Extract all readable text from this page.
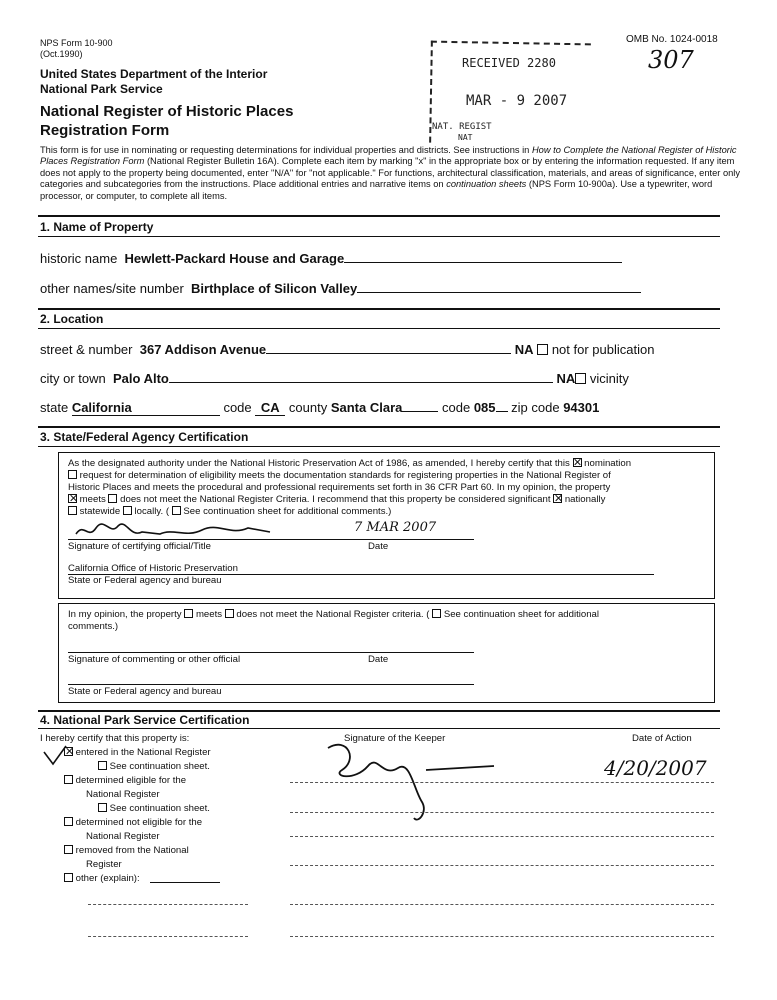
NPS Form 10-900
(Oct.1990)
United States Department of the Interior
National Park Service
National Register of Historic Places
Registration Form
OMB No. 1024-0018
307
RECEIVED 2280
MAR - 9 2007
NAT. REGIST
NAT
This form is for use in nominating or requesting determinations for individual properties and districts. See instructions in How to Complete the National Register of Historic Places Registration Form (National Register Bulletin 16A). Complete each item by marking "x" in the appropriate box or by entering the information requested. If any item does not apply to the property being documented, enter "N/A" for "not applicable." For functions, architectural classification, materials, and areas of significance, enter only categories and subcategories from the instructions. Place additional entries and narrative items on continuation sheets (NPS Form 10-900a). Use a typewriter, word processor, or computer, to complete all items.
1. Name of Property
historic name Hewlett-Packard House and Garage
other names/site number Birthplace of Silicon Valley
2. Location
street & number 367 Addison Avenue	NA not for publication
city or town Palo Alto	NA vicinity
state California	code CA county Santa Clara	code 085 zip code 94301
3. State/Federal Agency Certification
As the designated authority under the National Historic Preservation Act of 1986, as amended, I hereby certify that this nomination
request for determination of eligibility meets the documentation standards for registering properties in the National Register of
Historic Places and meets the procedural and professional requirements set forth in 36 CFR Part 60. In my opinion, the property
meets does not meet the National Register Criteria. I recommend that this property be considered significant nationally
statewide locally. ( See continuation sheet for additional comments.)
7 MAR 2007
Signature of certifying official/Title	Date
California Office of Historic Preservation
State or Federal agency and bureau
In my opinion, the property meets does not meet the National Register criteria. ( See continuation sheet for additional
comments.)
Signature of commenting or other official	Date
State or Federal agency and bureau
4. National Park Service Certification
I hereby certify that this property is:	Signature of the Keeper	Date of Action
4/20/2007
entered in the National Register
See continuation sheet.
determined eligible for the
National Register
See continuation sheet.
determined not eligible for the
National Register
removed from the National
Register
other (explain):
